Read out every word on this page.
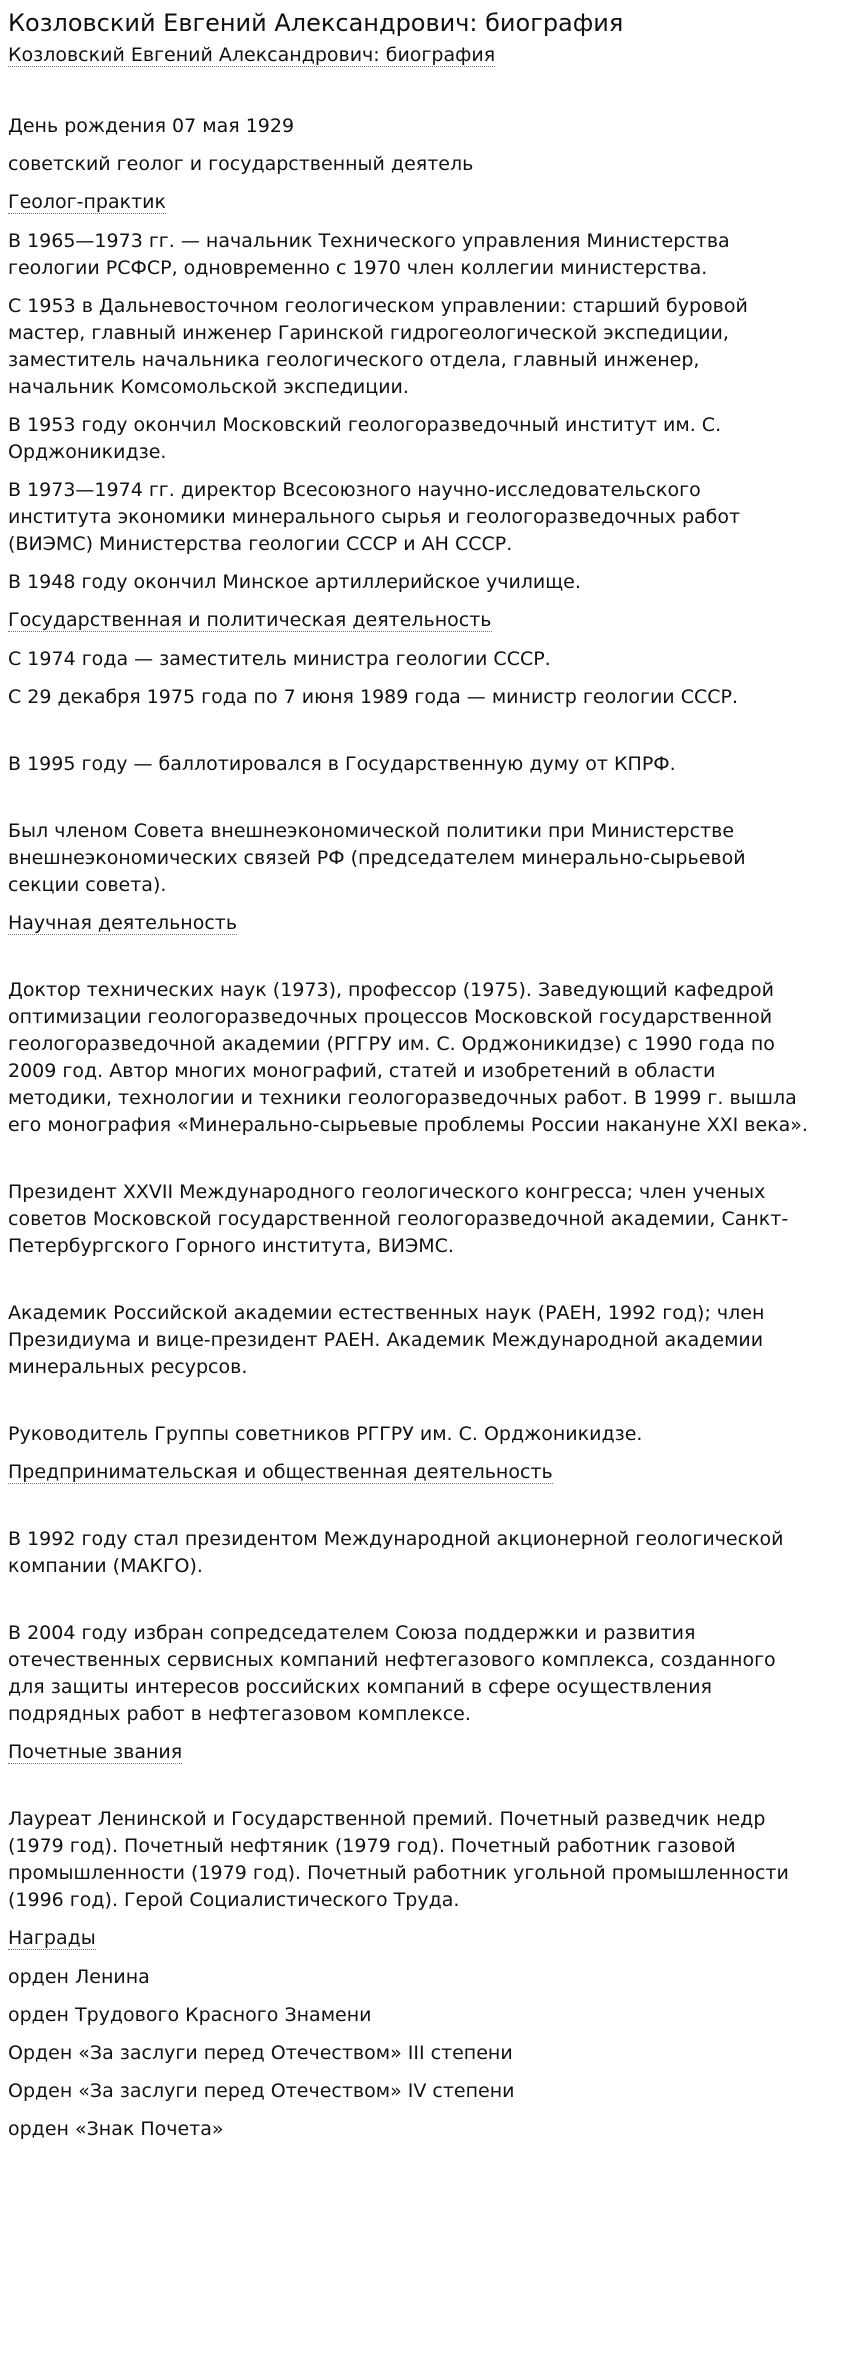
Козловский Евгений Александрович: биография
Козловский Евгений Александрович: биография

День рождения 07 мая 1929

советский геолог и государственный деятель

Геолог-практик

В 1965—1973 гг. — начальник Технического управления Министерства геологии РСФСР, одновременно с 1970 член коллегии министерства.

С 1953 в Дальневосточном геологическом управлении: старший буровой мастер, главный инженер Гаринской гидрогеологической экспедиции, заместитель начальника геологического отдела, главный инженер, начальник Комсомольской экспедиции.

В 1953 году окончил Московский геологоразведочный институт им. С. Орджоникидзе.

В 1973—1974 гг. директор Всесоюзного научно-исследовательского института экономики минерального сырья и геологоразведочных работ (ВИЭМС) Министерства геологии СССР и АН СССР.

В 1948 году окончил Минское артиллерийское училище.

Государственная и политическая деятельность

С 1974 года — заместитель министра геологии СССР.

С 29 декабря 1975 года по 7 июня 1989 года — министр геологии СССР.

В 1995 году — баллотировался в Государственную думу от КПРФ.

Был членом Совета внешнеэкономической политики при Министерстве внешнеэкономических связей РФ (председателем минерально-сырьевой секции совета).

Научная деятельность

Доктор технических наук (1973), профессор (1975). Заведующий кафедрой оптимизации геологоразведочных процессов Московской государственной геологоразведочной академии (РГГРУ им. С. Орджоникидзе) с 1990 года по 2009 год. Автор многих монографий, статей и изобретений в области методики, технологии и техники геологоразведочных работ. В 1999 г. вышла его монография «Минерально-сырьевые проблемы России накануне XXI века».

Президент XXVII Международного геологического конгресса; член ученых советов Московской государственной геологоразведочной академии, Санкт-Петербургского Горного института, ВИЭМС.

Академик Российской академии естественных наук (РАЕН, 1992 год); член Президиума и вице-президент РАЕН. Академик Международной академии минеральных ресурсов.

Руководитель Группы советников РГГРУ им. С. Орджоникидзе.

Предпринимательская и общественная деятельность

В 1992 году стал президентом Международной акционерной геологической компании (МАКГО).

В 2004 году избран сопредседателем Союза поддержки и развития отечественных сервисных компаний нефтегазового комплекса, созданного для защиты интересов российских компаний в сфере осуществления подрядных работ в нефтегазовом комплексе.

Почетные звания

Лауреат Ленинской и Государственной премий. Почетный разведчик недр (1979 год). Почетный нефтяник (1979 год). Почетный работник газовой промышленности (1979 год). Почетный работник угольной промышленности (1996 год). Герой Социалистического Труда.

Награды

орден Ленина

орден Трудового Красного Знамени

Орден «За заслуги перед Отечеством» III степени

Орден «За заслуги перед Отечеством» IV степени

орден «Знак Почета»
